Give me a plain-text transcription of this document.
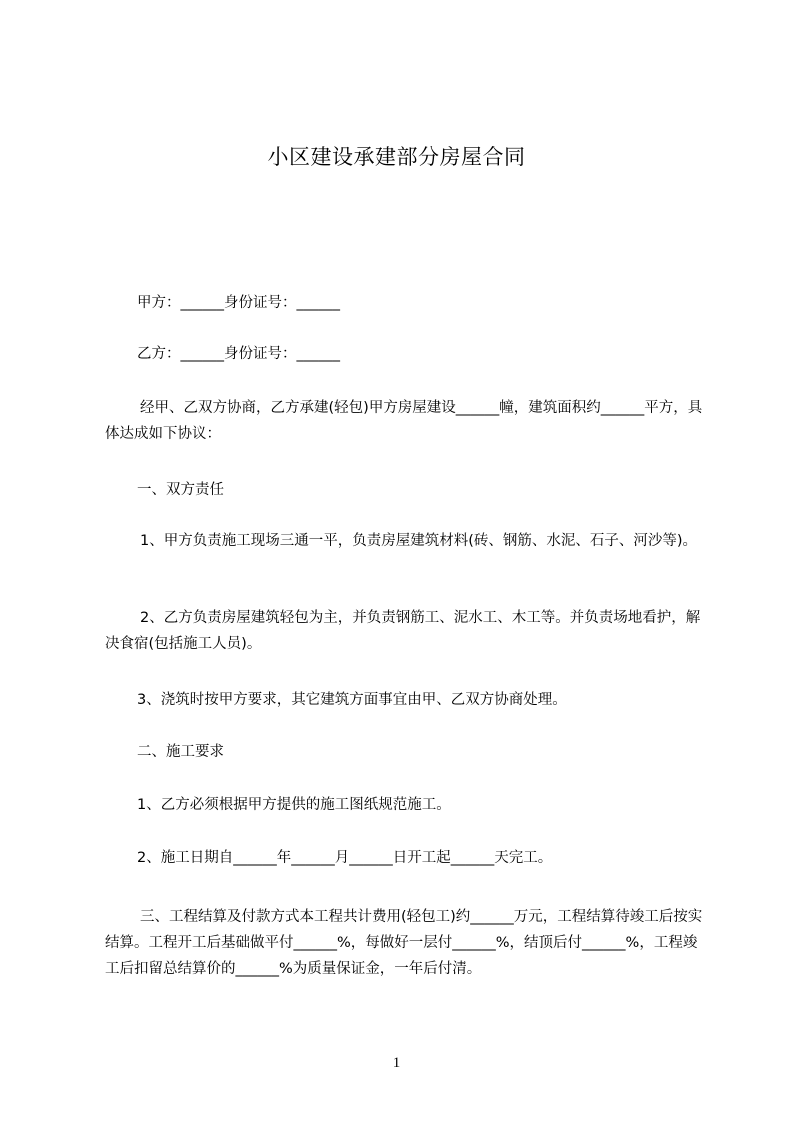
小区建设承建部分房屋合同
甲方：______身份证号：______
乙方：______身份证号：______
经甲、乙双方协商，乙方承建(轻包)甲方房屋建设______幢，建筑面积约______平方，具体达成如下协议：
一、双方责任
1、甲方负责施工现场三通一平，负责房屋建筑材料(砖、钢筋、水泥、石子、河沙等)。
2、乙方负责房屋建筑轻包为主，并负责钢筋工、泥水工、木工等。并负责场地看护，解决食宿(包括施工人员)。
3、浇筑时按甲方要求，其它建筑方面事宜由甲、乙双方协商处理。
二、施工要求
1、乙方必须根据甲方提供的施工图纸规范施工。
2、施工日期自______年______月______日开工起______天完工。
三、工程结算及付款方式本工程共计费用(轻包工)约______万元，工程结算待竣工后按实结算。工程开工后基础做平付______%，每做好一层付______%，结顶后付______%，工程竣工后扣留总结算价的______%为质量保证金，一年后付清。
1
